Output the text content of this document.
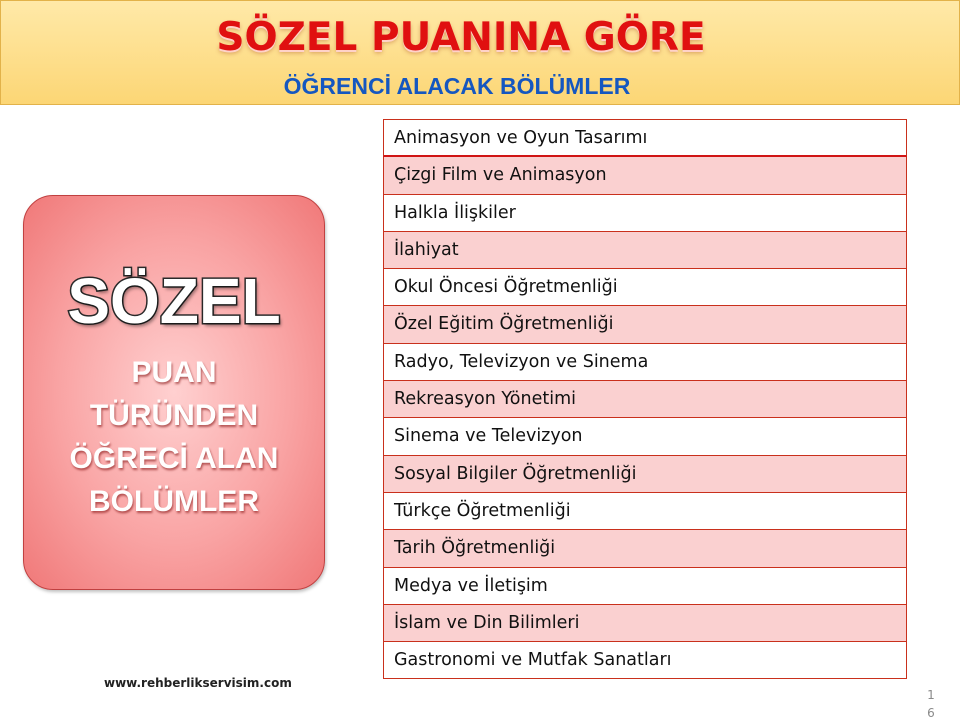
SÖZEL PUANINA GÖRE
ÖĞRENCİ ALACAK BÖLÜMLER
SÖZEL
PUAN
TÜRÜNDEN
ÖĞRECİ ALAN
BÖLÜMLER
Animasyon ve Oyun Tasarımı
Çizgi Film ve Animasyon
Halkla İlişkiler
İlahiyat
Okul Öncesi Öğretmenliği
Özel Eğitim Öğretmenliği
Radyo, Televizyon ve Sinema
Rekreasyon Yönetimi
Sinema ve Televizyon
Sosyal Bilgiler Öğretmenliği
Türkçe Öğretmenliği
Tarih Öğretmenliği
Medya ve İletişim
İslam ve Din Bilimleri
Gastronomi ve Mutfak Sanatları
www.rehberlikservisim.com
16
